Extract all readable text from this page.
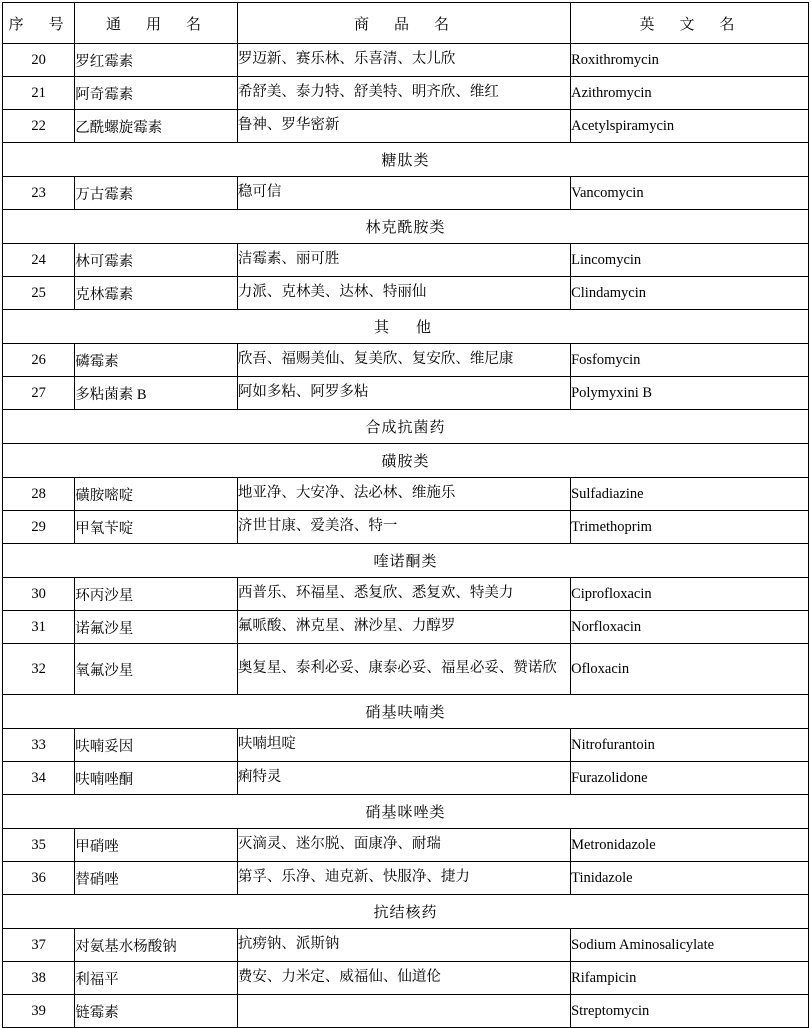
序　号	通　用　名	商　品　名	英　文　名
20	罗红霉素	罗迈新、赛乐林、乐喜清、太儿欣	Roxithromycin
21	阿奇霉素	希舒美、泰力特、舒美特、明齐欣、维红	Azithromycin
22	乙酰螺旋霉素	鲁神、罗华密新	Acetylspiramycin
糖肽类			
23	万古霉素	稳可信	Vancomycin
林克酰胺类			
24	林可霉素	洁霉素、丽可胜	Lincomycin
25	克林霉素	力派、克林美、达林、特丽仙	Clindamycin
其　他			
26	磷霉素	欣吾、福赐美仙、复美欣、复安欣、维尼康	Fosfomycin
27	多粘菌素 B	阿如多粘、阿罗多粘	Polymyxini B
合成抗菌药			
磺胺类			
28	磺胺嘧啶	地亚净、大安净、法必林、维施乐	Sulfadiazine
29	甲氧苄啶	济世甘康、爱美洛、特一	Trimethoprim
喹诺酮类			
30	环丙沙星	西普乐、环福星、悉复欣、悉复欢、特美力	Ciprofloxacin
31	诺氟沙星	氟哌酸、淋克星、淋沙星、力醇罗	Norfloxacin
32	氧氟沙星	奥复星、泰利必妥、康泰必妥、福星必妥、赞诺欣	Ofloxacin
硝基呋喃类			
33	呋喃妥因	呋喃坦啶	Nitrofurantoin
34	呋喃唑酮	痢特灵	Furazolidone
硝基咪唑类			
35	甲硝唑	灭滴灵、迷尔脱、面康净、耐瑞	Metronidazole
36	替硝唑	第孚、乐净、迪克新、快服净、捷力	Tinidazole
抗结核药			
37	对氨基水杨酸钠	抗痨钠、派斯钠	Sodium Aminosalicylate
38	利福平	费安、力米定、威福仙、仙道伦	Rifampicin
39	链霉素		Streptomycin
